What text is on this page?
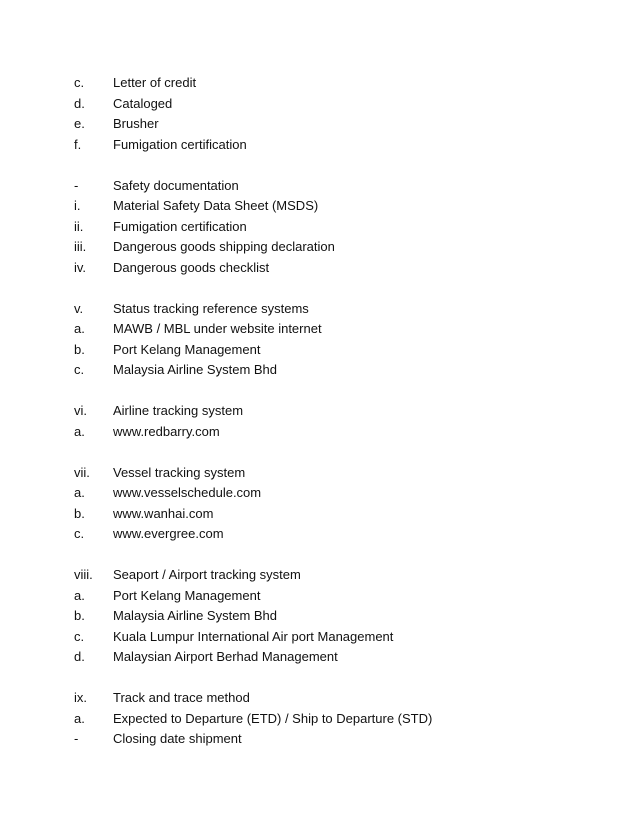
c.	Letter of credit
d.	Cataloged
e.	Brusher
f.	Fumigation certification
-	Safety documentation
i.	Material Safety Data Sheet (MSDS)
ii.	Fumigation certification
iii.	Dangerous goods shipping declaration
iv.	Dangerous goods checklist
v.	Status tracking reference systems
a.	MAWB / MBL under website internet
b.	Port Kelang Management
c.	Malaysia Airline System Bhd
vi.	Airline tracking system
a.	www.redbarry.com
vii.	Vessel tracking system
a.	www.vesselschedule.com
b.	www.wanhai.com
c.	www.evergree.com
viii.	Seaport / Airport tracking system
a.	Port Kelang Management
b.	Malaysia Airline System Bhd
c.	Kuala Lumpur International Air port Management
d.	Malaysian Airport Berhad Management
ix.	Track and trace method
a.	Expected to Departure (ETD) / Ship to Departure (STD)
-	Closing date shipment
